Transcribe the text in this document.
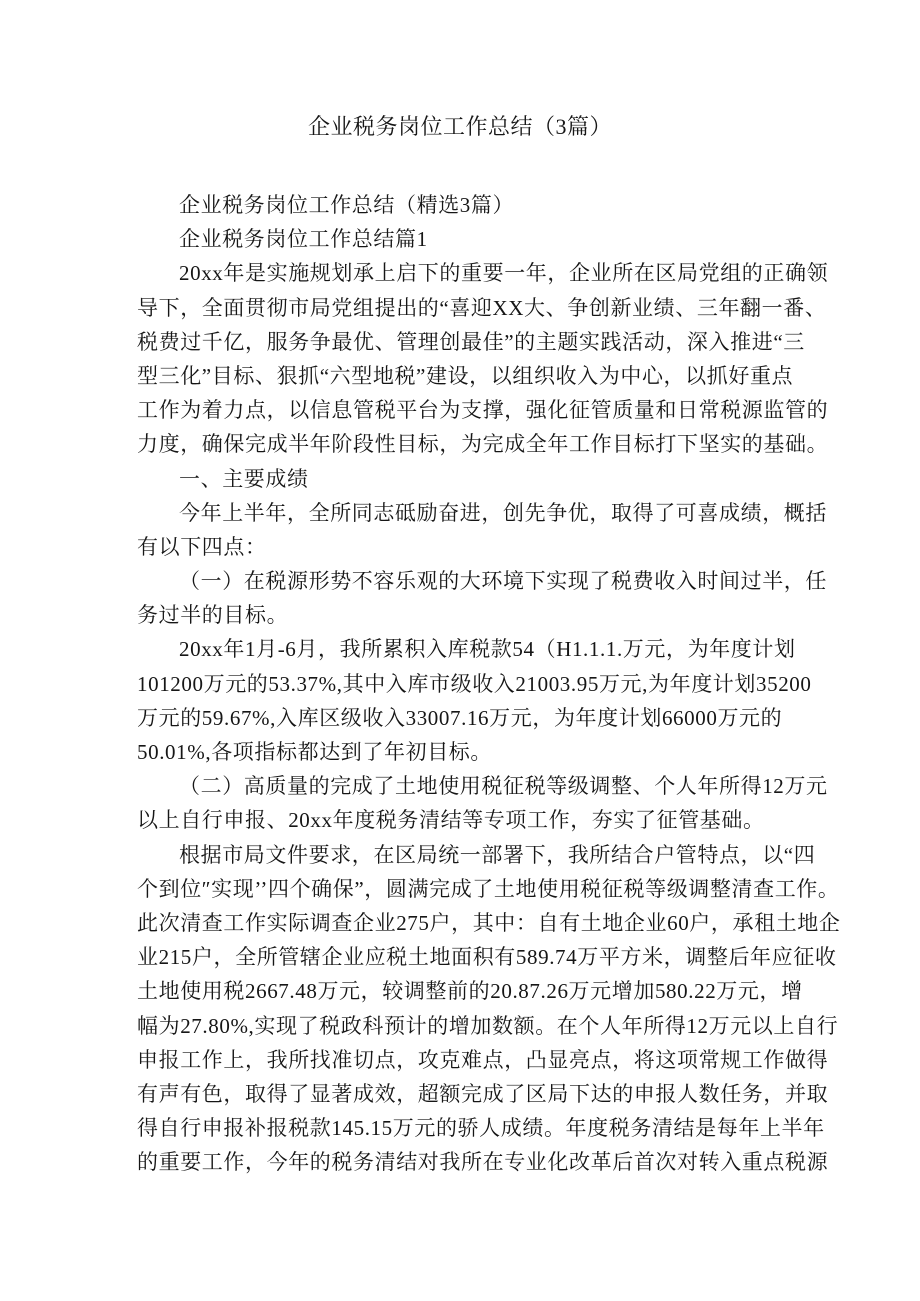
企业税务岗位工作总结（3篇）
企业税务岗位工作总结（精选3篇）
企业税务岗位工作总结篇1
20xx年是实施规划承上启下的重要一年，企业所在区局党组的正确领
导下，全面贯彻市局党组提出的“喜迎XX大、争创新业绩、三年翻一番、
税费过千亿，服务争最优、管理创最佳”的主题实践活动，深入推进“三
型三化”目标、狠抓“六型地税”建设，以组织收入为中心，以抓好重点
工作为着力点，以信息管税平台为支撑，强化征管质量和日常税源监管的
力度，确保完成半年阶段性目标，为完成全年工作目标打下坚实的基础。
一、主要成绩
今年上半年，全所同志砥励奋进，创先争优，取得了可喜成绩，概括
有以下四点：
（一）在税源形势不容乐观的大环境下实现了税费收入时间过半，任
务过半的目标。
20xx年1月-6月，我所累积入库税款54（H1.1.1.万元，为年度计划
101200万元的53.37%,其中入库市级收入21003.95万元,为年度计划35200
万元的59.67%,入库区级收入33007.16万元，为年度计划66000万元的
50.01%,各项指标都达到了年初目标。
（二）高质量的完成了土地使用税征税等级调整、个人年所得12万元
以上自行申报、20xx年度税务清结等专项工作，夯实了征管基础。
根据市局文件要求，在区局统一部署下，我所结合户管特点，以“四
个到位″实现’’四个确保”，圆满完成了土地使用税征税等级调整清查工作。
此次清查工作实际调查企业275户，其中：自有土地企业60户，承租土地企
业215户，全所管辖企业应税土地面积有589.74万平方米，调整后年应征收
土地使用税2667.48万元，较调整前的20.87.26万元增加580.22万元，增
幅为27.80%,实现了税政科预计的增加数额。在个人年所得12万元以上自行
申报工作上，我所找准切点，攻克难点，凸显亮点，将这项常规工作做得
有声有色，取得了显著成效，超额完成了区局下达的申报人数任务，并取
得自行申报补报税款145.15万元的骄人成绩。年度税务清结是每年上半年
的重要工作，今年的税务清结对我所在专业化改革后首次对转入重点税源
